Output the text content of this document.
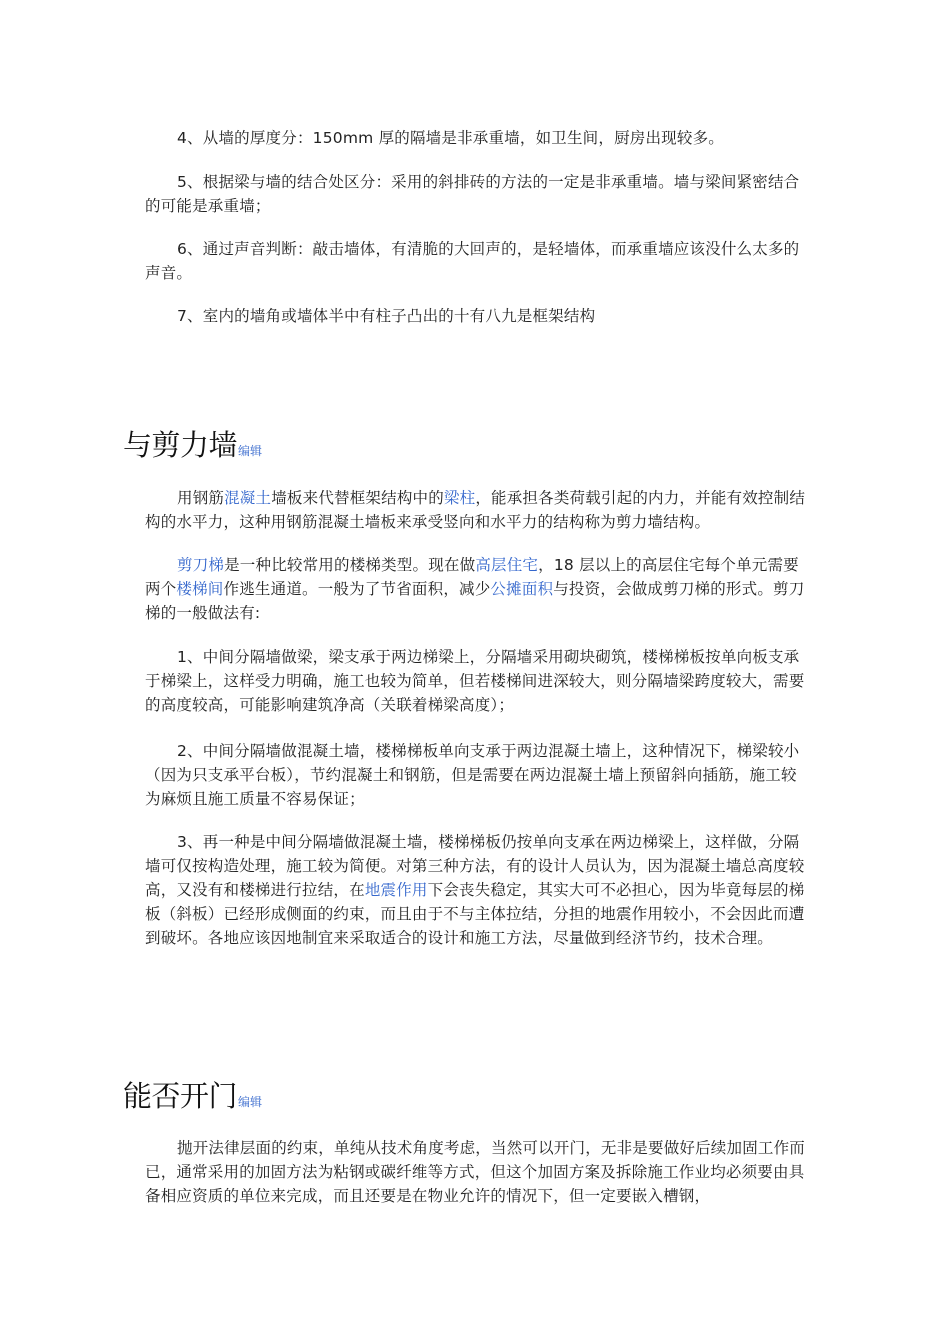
4、从墙的厚度分：150mm 厚的隔墙是非承重墙，如卫生间，厨房出现较多。

5、根据梁与墙的结合处区分：采用的斜排砖的方法的一定是非承重墙。墙与梁间紧密结合的可能是承重墙；

6、通过声音判断：敲击墙体，有清脆的大回声的，是轻墙体，而承重墙应该没什么太多的声音。

7、室内的墙角或墙体半中有柱子凸出的十有八九是框架结构

与剪力墙编辑

用钢筋混凝土墙板来代替框架结构中的梁柱，能承担各类荷载引起的内力，并能有效控制结构的水平力，这种用钢筋混凝土墙板来承受竖向和水平力的结构称为剪力墙结构。

剪刀梯是一种比较常用的楼梯类型。现在做高层住宅，18 层以上的高层住宅每个单元需要两个楼梯间作逃生通道。一般为了节省面积，减少公摊面积与投资，会做成剪刀梯的形式。剪刀梯的一般做法有:

1、中间分隔墙做梁，梁支承于两边梯梁上，分隔墙采用砌块砌筑，楼梯梯板按单向板支承于梯梁上，这样受力明确，施工也较为简单，但若楼梯间进深较大，则分隔墙梁跨度较大，需要的高度较高，可能影响建筑净高（关联着梯梁高度）；

2、中间分隔墙做混凝土墙，楼梯梯板单向支承于两边混凝土墙上，这种情况下，梯梁较小（因为只支承平台板），节约混凝土和钢筋，但是需要在两边混凝土墙上预留斜向插筋，施工较为麻烦且施工质量不容易保证；

3、再一种是中间分隔墙做混凝土墙，楼梯梯板仍按单向支承在两边梯梁上，这样做，分隔墙可仅按构造处理，施工较为简便。对第三种方法，有的设计人员认为，因为混凝土墙总高度较高，又没有和楼梯进行拉结，在地震作用下会丧失稳定，其实大可不必担心，因为毕竟每层的梯板（斜板）已经形成侧面的约束，而且由于不与主体拉结，分担的地震作用较小，不会因此而遭到破坏。各地应该因地制宜来采取适合的设计和施工方法，尽量做到经济节约，技术合理。

能否开门编辑

抛开法律层面的约束，单纯从技术角度考虑，当然可以开门，无非是要做好后续加固工作而已，通常采用的加固方法为粘钢或碳纤维等方式，但这个加固方案及拆除施工作业均必须要由具备相应资质的单位来完成，而且还要是在物业允许的情况下，但一定要嵌入槽钢，
